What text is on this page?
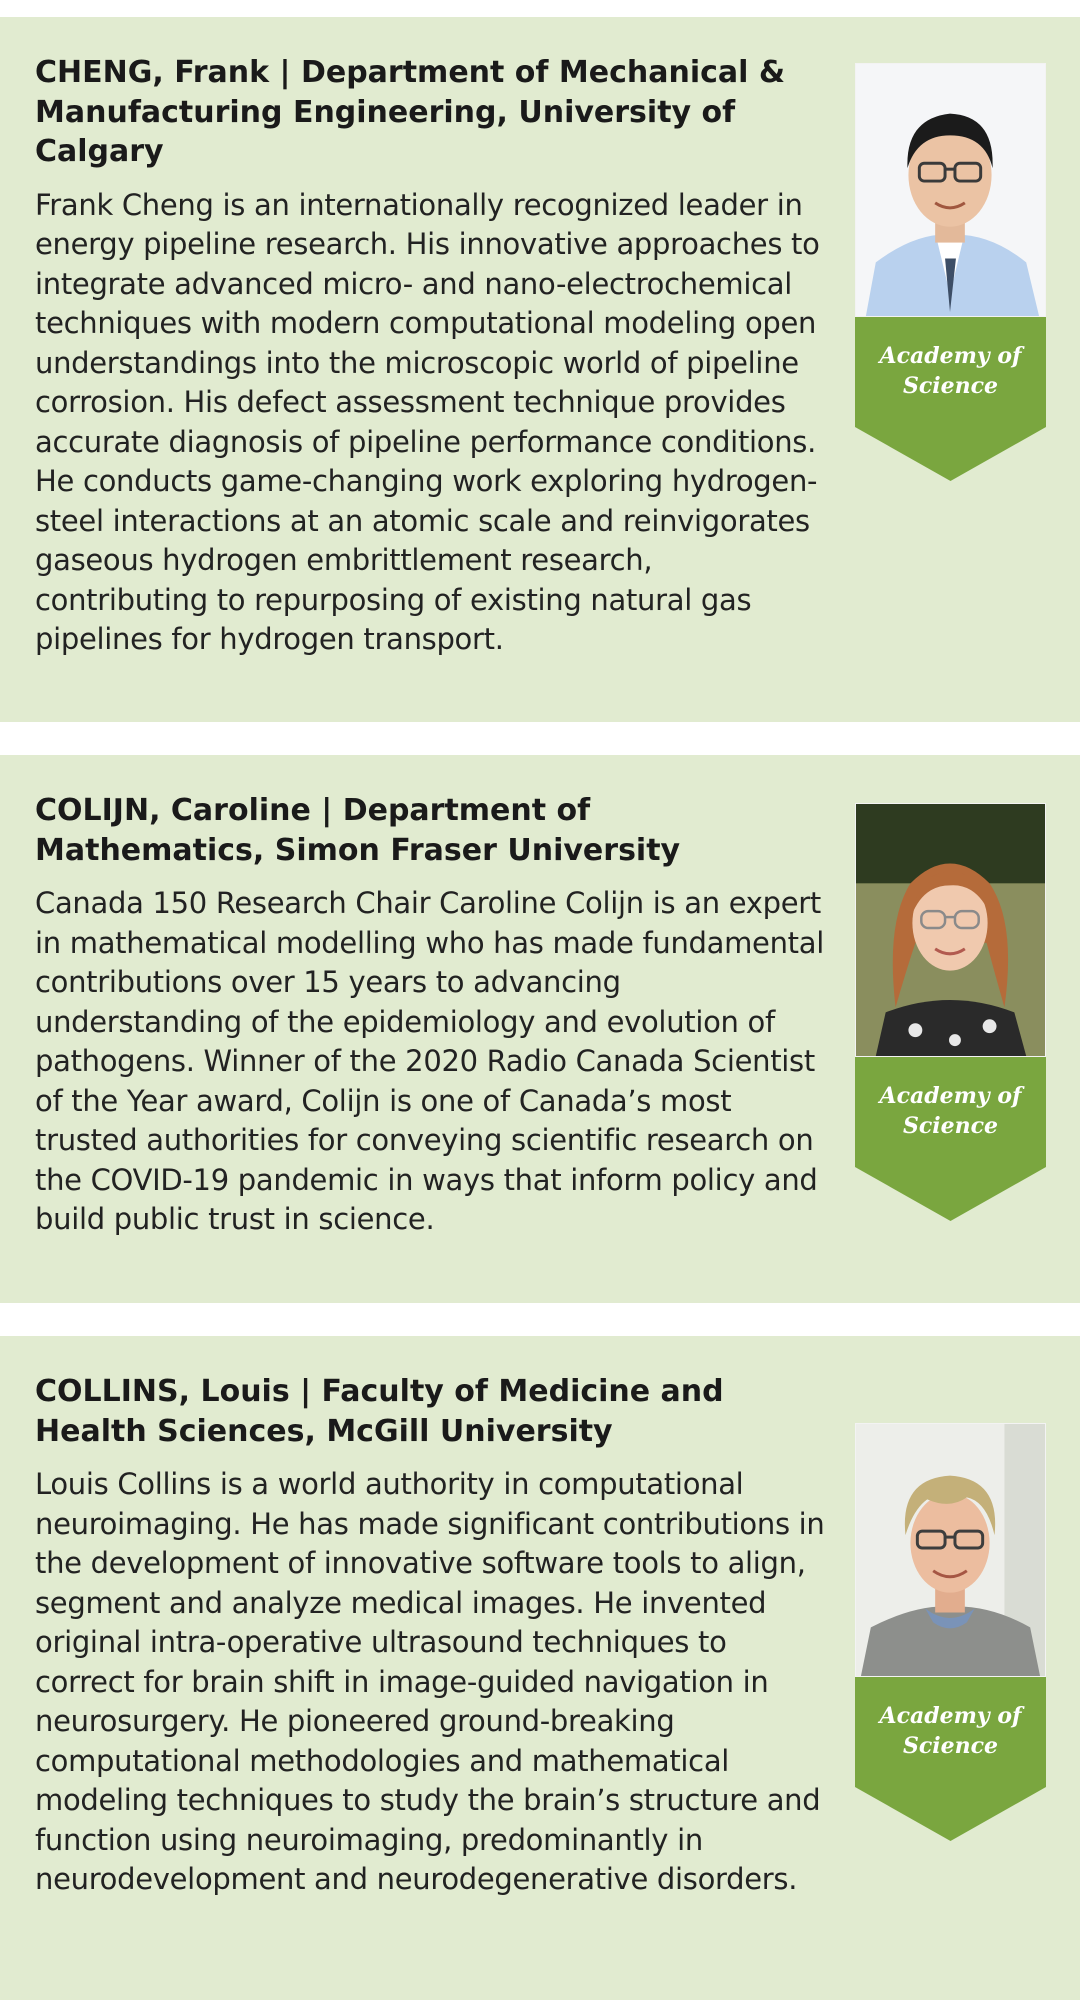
CHENG, Frank | Department of Mechanical & Manufacturing Engineering, University of Calgary

Frank Cheng is an internationally recognized leader in energy pipeline research. His innovative approaches to integrate advanced micro- and nano-electrochemical techniques with modern computational modeling open understandings into the microscopic world of pipeline corrosion. His defect assessment technique provides accurate diagnosis of pipeline performance conditions. He conducts game-changing work exploring hydrogen-steel interactions at an atomic scale and reinvigorates gaseous hydrogen embrittlement research, contributing to repurposing of existing natural gas pipelines for hydrogen transport.

Academy of
Science
COLIJN, Caroline | Department of Mathematics, Simon Fraser University

Canada 150 Research Chair Caroline Colijn is an expert in mathematical modelling who has made fundamental contributions over 15 years to advancing understanding of the epidemiology and evolution of pathogens. Winner of the 2020 Radio Canada Scientist of the Year award, Colijn is one of Canada’s most trusted authorities for conveying scientific research on the COVID-19 pandemic in ways that inform policy and build public trust in science.

Academy of
Science
COLLINS, Louis | Faculty of Medicine and Health Sciences, McGill University

Louis Collins is a world authority in computational neuroimaging. He has made significant contributions in the development of innovative software tools to align, segment and analyze medical images. He invented original intra-operative ultrasound techniques to correct for brain shift in image-guided navigation in neurosurgery. He pioneered ground-breaking computational methodologies and mathematical modeling techniques to study the brain’s structure and function using neuroimaging, predominantly in neurodevelopment and neurodegenerative disorders.

Academy of
Science
